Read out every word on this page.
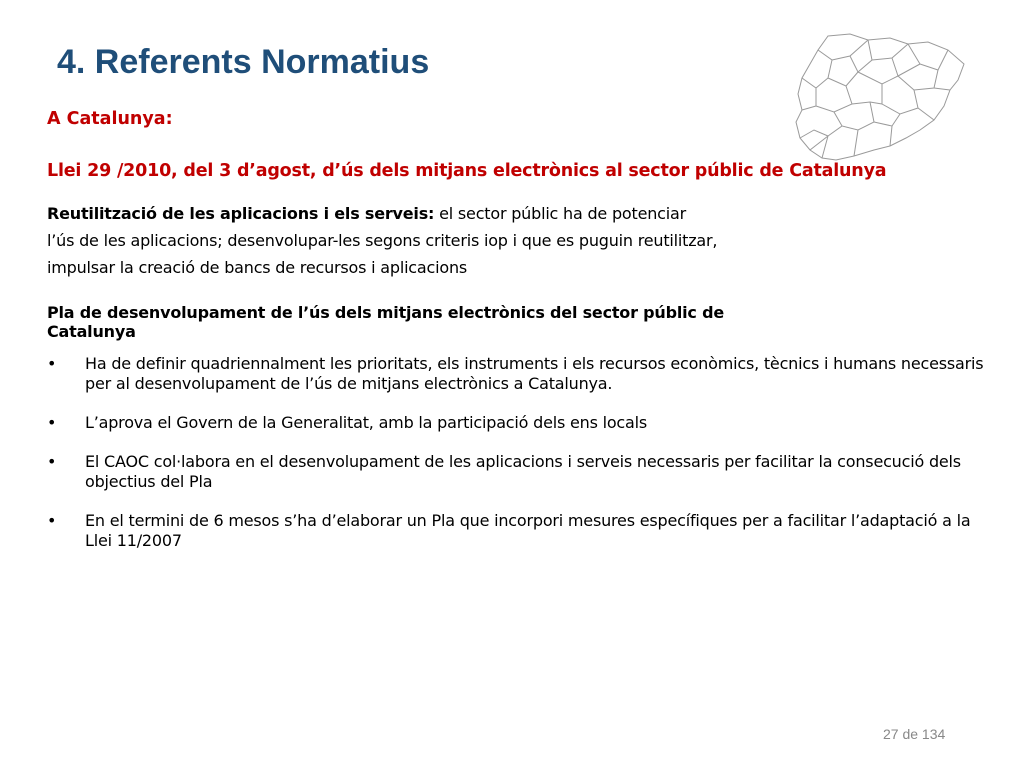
4. Referents Normatius

A Catalunya:

Llei 29 /2010, del 3 d’agost, d’ús dels mitjans electrònics al sector públic de Catalunya

Reutilització de les aplicacions i els serveis: el sector públic ha de potenciar
l’ús de les aplicacions; desenvolupar-les segons criteris iop i que es puguin reutilitzar,
impulsar la creació de bancs de recursos i aplicacions

Pla de desenvolupament de l’ús dels mitjans electrònics del sector públic de Catalunya

• Ha de definir quadriennalment les prioritats, els instruments i els recursos econòmics, tècnics i humans necessaris per al desenvolupament de l’ús de mitjans electrònics a Catalunya.
• L’aprova el Govern de la Generalitat, amb la participació dels ens locals
• El CAOC col·labora en el desenvolupament de les aplicacions i serveis necessaris per facilitar la consecució dels objectius del Pla
• En el termini de 6 mesos s’ha d’elaborar un Pla que incorpori mesures específiques per a facilitar l’adaptació a la Llei 11/2007
27 de 134
